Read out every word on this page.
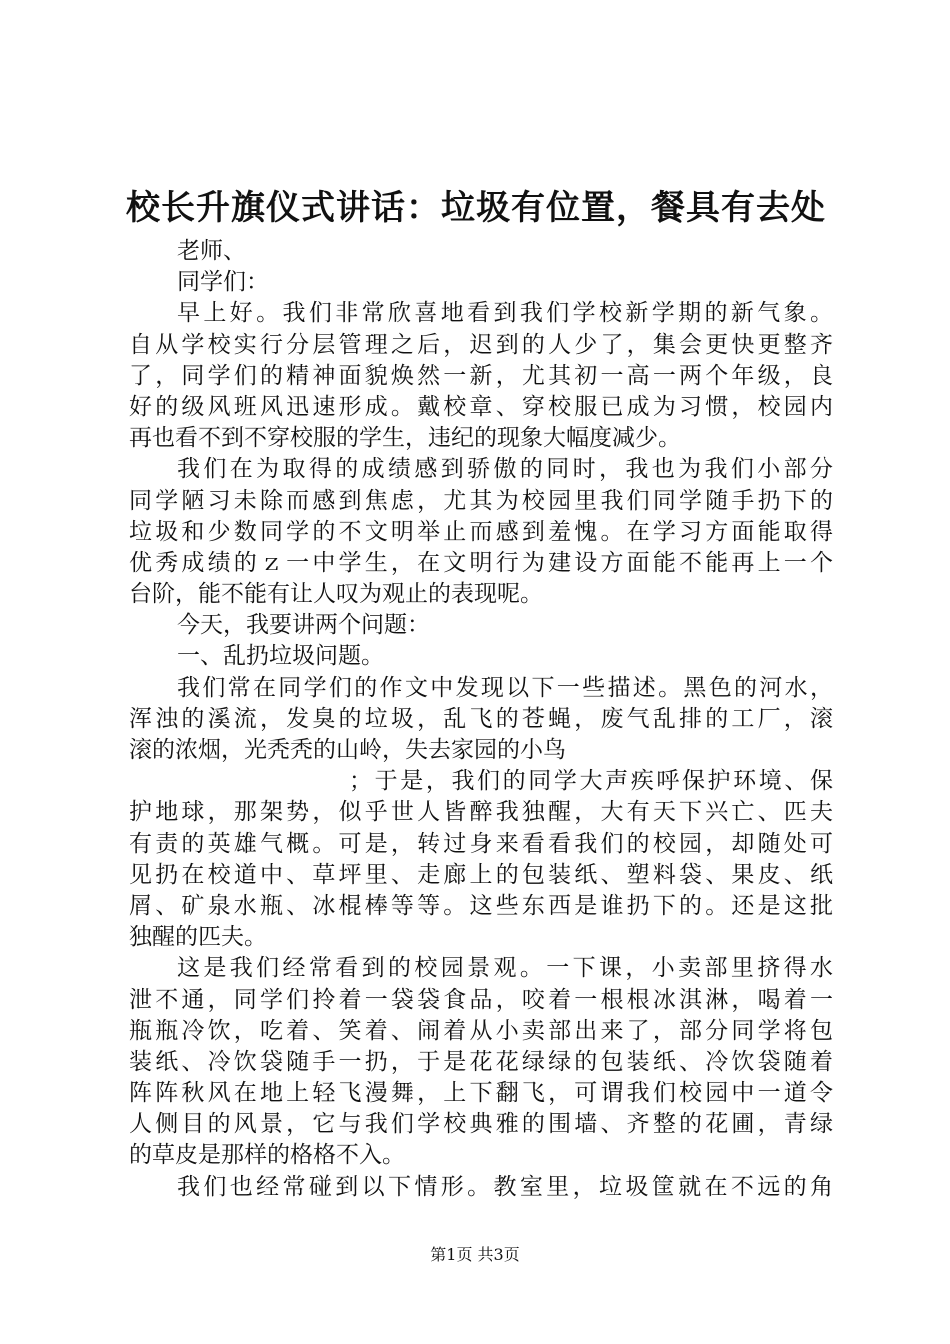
校长升旗仪式讲话：垃圾有位置，餐具有去处

老师、

同学们：

早上好。我们非常欣喜地看到我们学校新学期的新气象。

自从学校实行分层管理之后，迟到的人少了，集会更快更整齐

了，同学们的精神面貌焕然一新，尤其初一高一两个年级，良

好的级风班风迅速形成。戴校章、穿校服已成为习惯，校园内

再也看不到不穿校服的学生，违纪的现象大幅度减少。

我们在为取得的成绩感到骄傲的同时，我也为我们小部分

同学陋习未除而感到焦虑，尤其为校园里我们同学随手扔下的

垃圾和少数同学的不文明举止而感到羞愧。在学习方面能取得

优秀成绩的ｚ一中学生，在文明行为建设方面能不能再上一个

台阶，能不能有让人叹为观止的表现呢。

今天，我要讲两个问题：

一、乱扔垃圾问题。

我们常在同学们的作文中发现以下一些描述。黑色的河水，

浑浊的溪流，发臭的垃圾，乱飞的苍蝇，废气乱排的工厂，滚

滚的浓烟，光秃秃的山岭，失去家园的小鸟

；于是，我们的同学大声疾呼保护环境、保

护地球，那架势，似乎世人皆醉我独醒，大有天下兴亡、匹夫

有责的英雄气概。可是，转过身来看看我们的校园，却随处可

见扔在校道中、草坪里、走廊上的包装纸、塑料袋、果皮、纸

屑、矿泉水瓶、冰棍棒等等。这些东西是谁扔下的。还是这批

独醒的匹夫。

这是我们经常看到的校园景观。一下课，小卖部里挤得水

泄不通，同学们拎着一袋袋食品，咬着一根根冰淇淋，喝着一

瓶瓶冷饮，吃着、笑着、闹着从小卖部出来了，部分同学将包

装纸、冷饮袋随手一扔，于是花花绿绿的包装纸、冷饮袋随着

阵阵秋风在地上轻飞漫舞，上下翻飞，可谓我们校园中一道令

人侧目的风景，它与我们学校典雅的围墙、齐整的花圃，青绿

的草皮是那样的格格不入。

我们也经常碰到以下情形。教室里，垃圾筐就在不远的角

第1页 共3页
